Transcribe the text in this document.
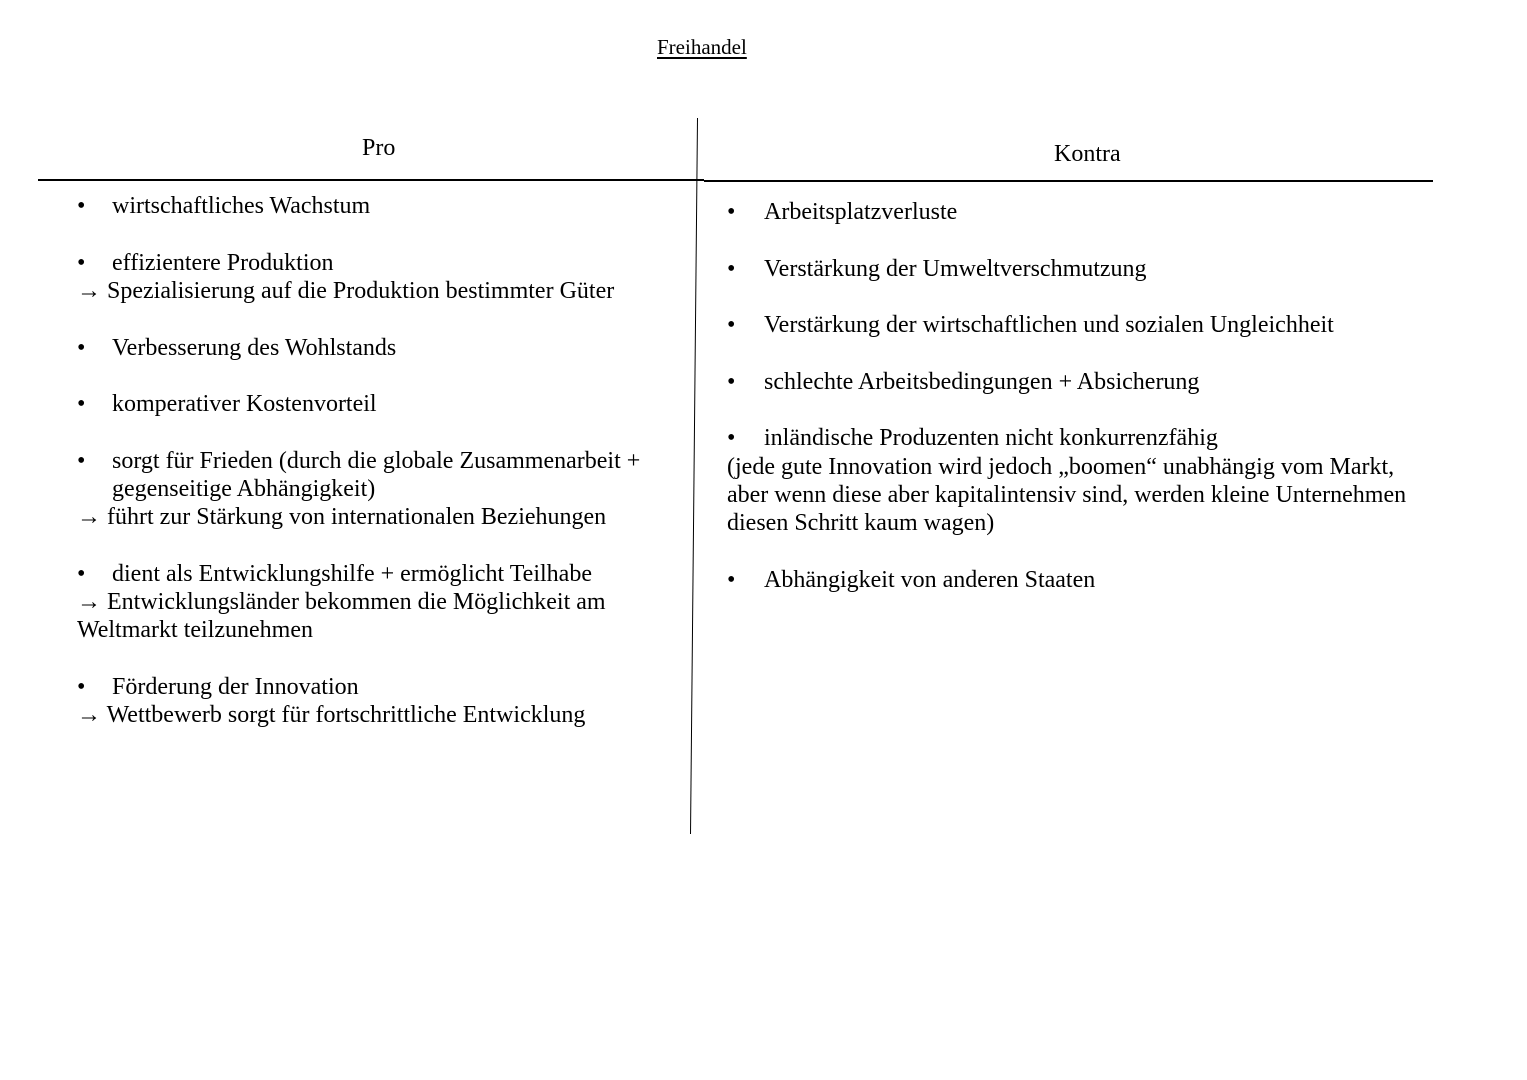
Freihandel
Pro	Kontra
• wirtschaftliches Wachstum
• effizientere Produktion
→ Spezialisierung auf die Produktion bestimmter Güter
• Verbesserung des Wohlstands
• komperativer Kostenvorteil
• sorgt für Frieden (durch die globale Zusammenarbeit +
gegenseitige Abhängigkeit)
→ führt zur Stärkung von internationalen Beziehungen
• dient als Entwicklungshilfe + ermöglicht Teilhabe
→ Entwicklungsländer bekommen die Möglichkeit am
Weltmarkt teilzunehmen
• Förderung der Innovation
→ Wettbewerb sorgt für fortschrittliche Entwicklung
• Arbeitsplatzverluste
• Verstärkung der Umweltverschmutzung
• Verstärkung der wirtschaftlichen und sozialen Ungleichheit
• schlechte Arbeitsbedingungen + Absicherung
• inländische Produzenten nicht konkurrenzfähig
(jede gute Innovation wird jedoch „boomen“ unabhängig vom Markt,
aber wenn diese aber kapitalintensiv sind, werden kleine Unternehmen
diesen Schritt kaum wagen)
• Abhängigkeit von anderen Staaten
